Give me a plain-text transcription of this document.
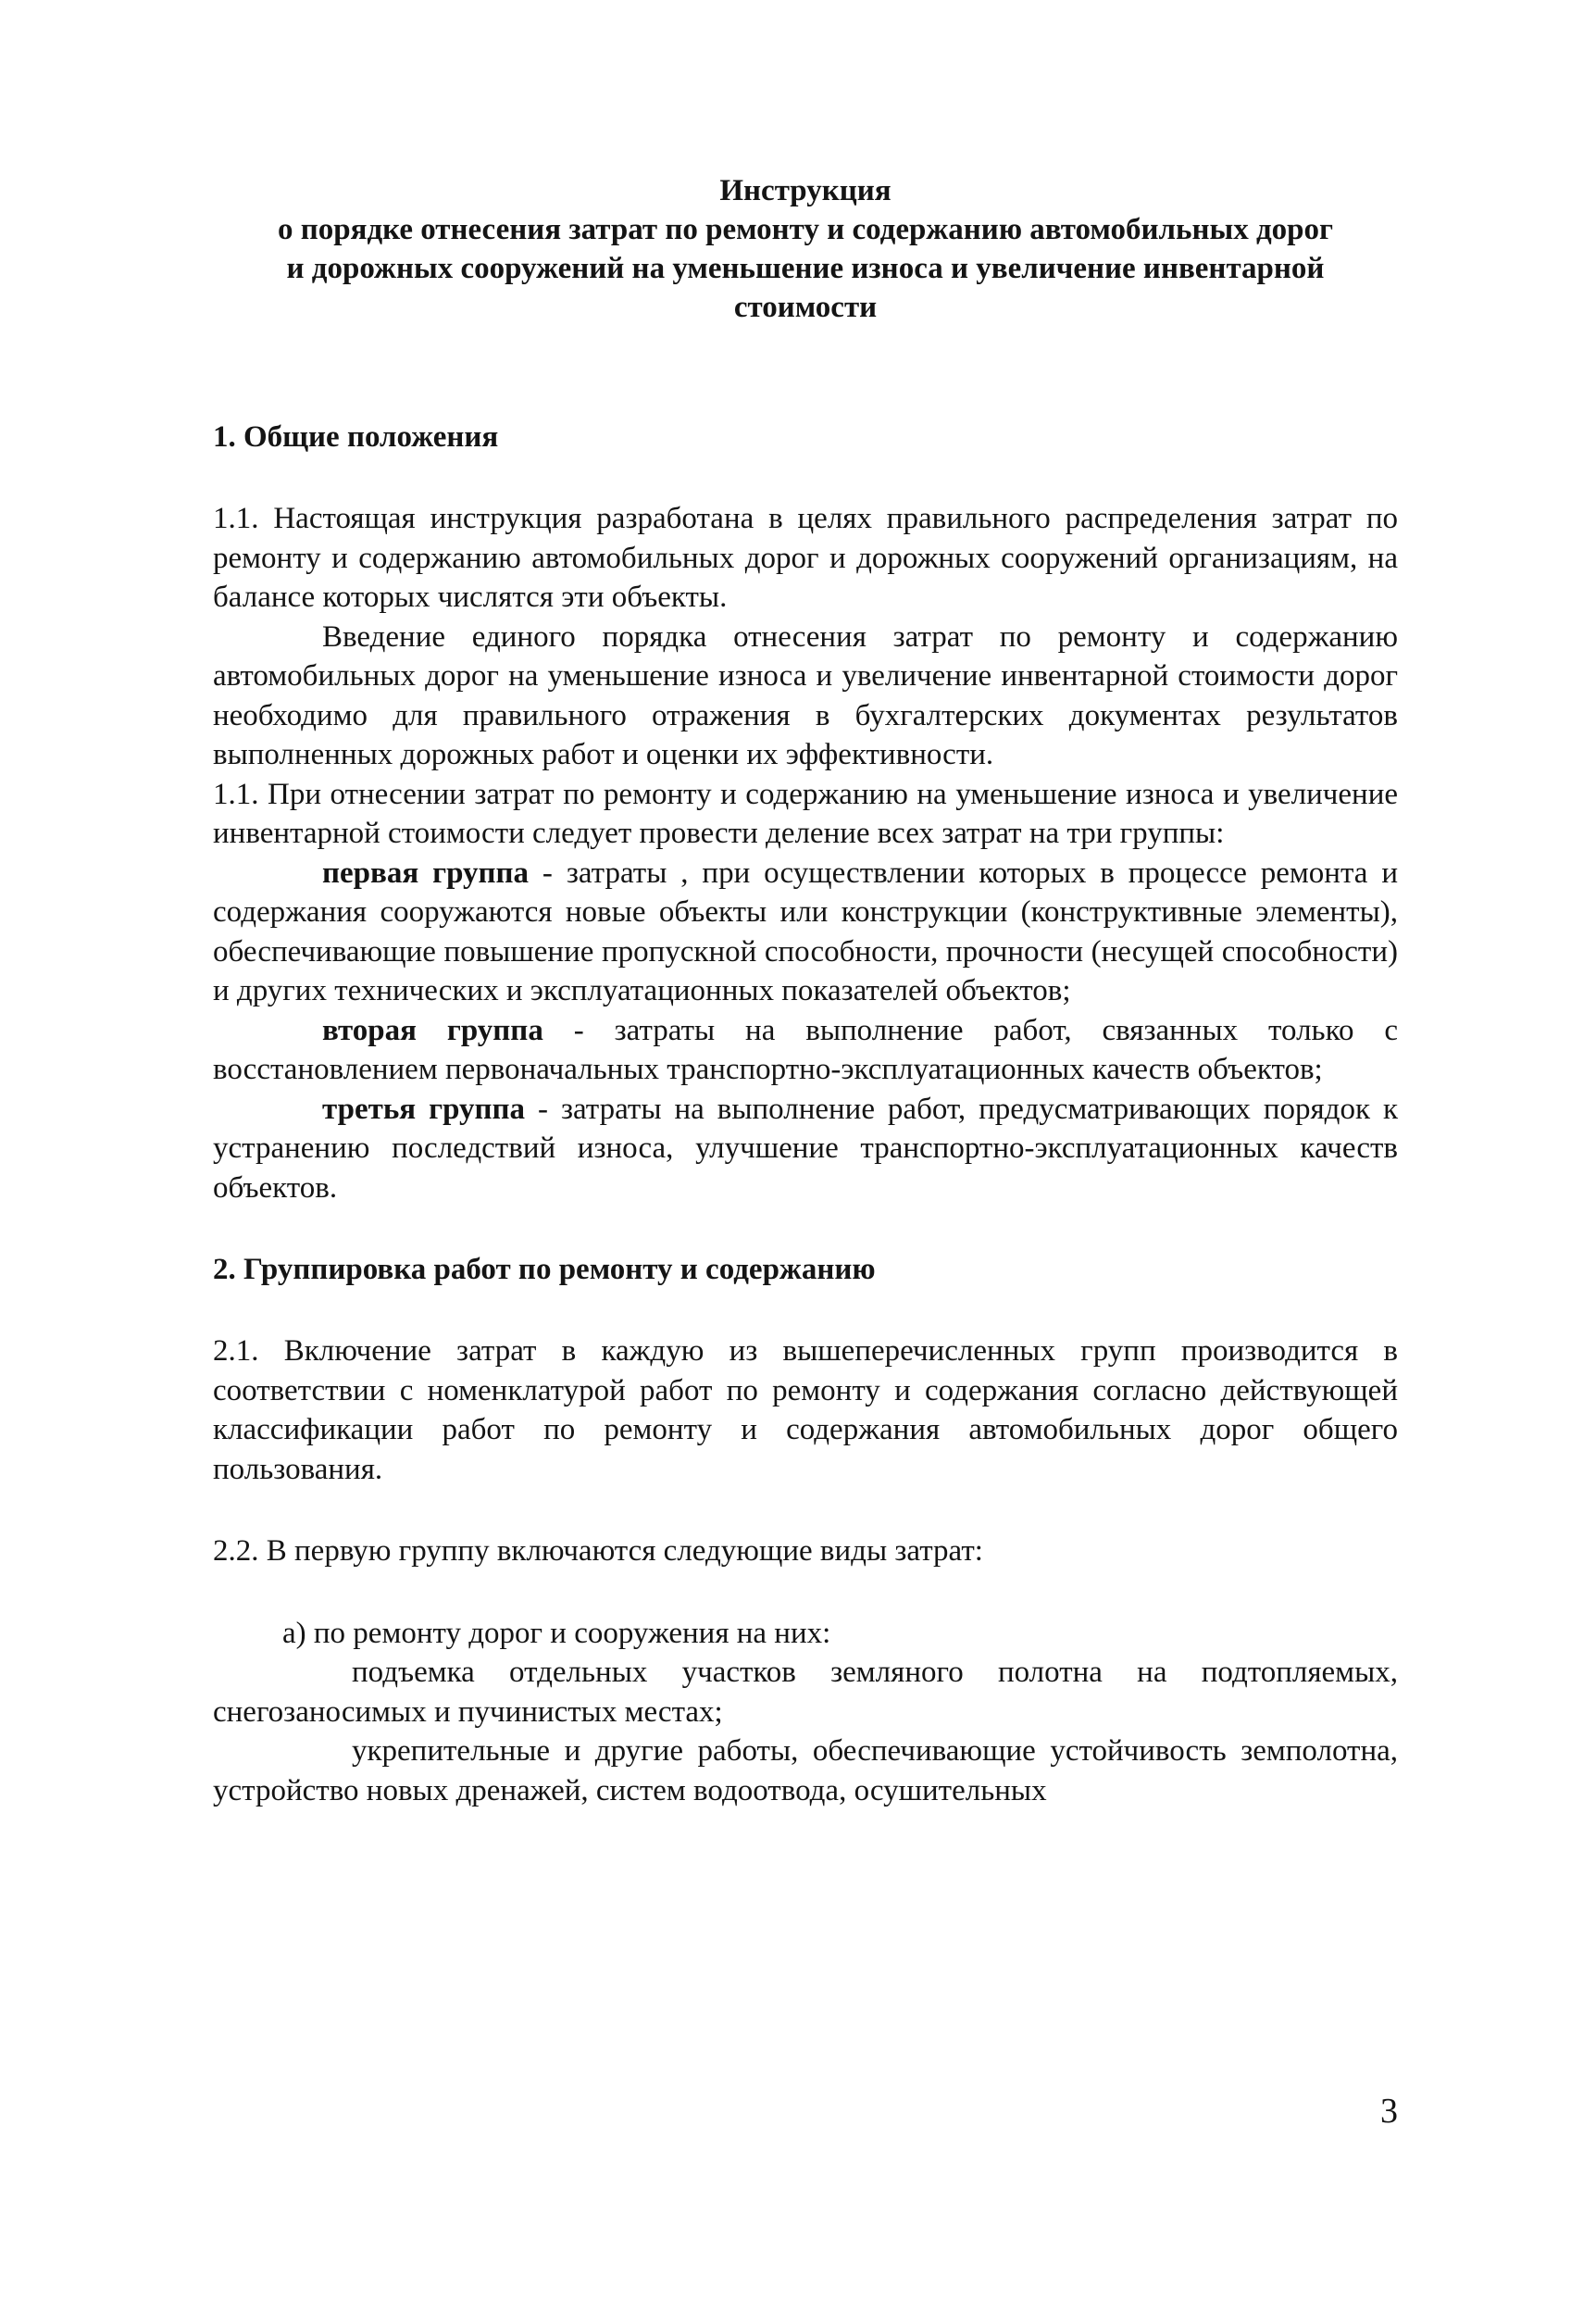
Инструкция
о порядке отнесения затрат по ремонту и содержанию автомобильных дорог
и дорожных сооружений на уменьшение износа и увеличение инвентарной
стоимости
1. Общие положения

1.1. Настоящая инструкция разработана в целях правильного распределения затрат по ремонту и содержанию автомобильных дорог и дорожных сооружений организациям, на балансе которых числятся эти объекты.

Введение единого порядка отнесения затрат по ремонту и содержанию автомобильных дорог на уменьшение износа и увеличение инвентарной стоимости дорог необходимо для правильного отражения в бухгалтерских документах результатов выполненных дорожных работ и оценки их эффективности.

1.1. При отнесении затрат по ремонту и содержанию на уменьшение износа и увеличение инвентарной стоимости следует провести деление всех затрат на три группы:

первая группа - затраты , при осуществлении которых в процессе ремонта и содержания сооружаются новые объекты или конструкции (конструктивные элементы), обеспечивающие повышение пропускной способности, прочности (несущей способности) и других технических и эксплуатационных показателей объектов;

вторая группа - затраты на выполнение работ, связанных только с восстановлением первоначальных транспортно-эксплуатационных качеств объектов;

третья группа - затраты на выполнение работ, предусматривающих порядок к устранению последствий износа, улучшение транспортно-эксплуатационных качеств объектов.

2. Группировка работ по ремонту и содержанию

2.1. Включение затрат в каждую из вышеперечисленных групп производится в соответствии с номенклатурой работ по ремонту и содержания согласно действующей классификации работ по ремонту и содержания автомобильных дорог общего пользования.

2.2. В первую группу включаются следующие виды затрат:

а) по ремонту дорог и сооружения на них:

подъемка отдельных участков земляного полотна на подтопляемых, снегозаносимых и пучинистых местах;

укрепительные и другие работы, обеспечивающие устойчивость земполотна, устройство новых дренажей, систем водоотвода, осушительных

3
